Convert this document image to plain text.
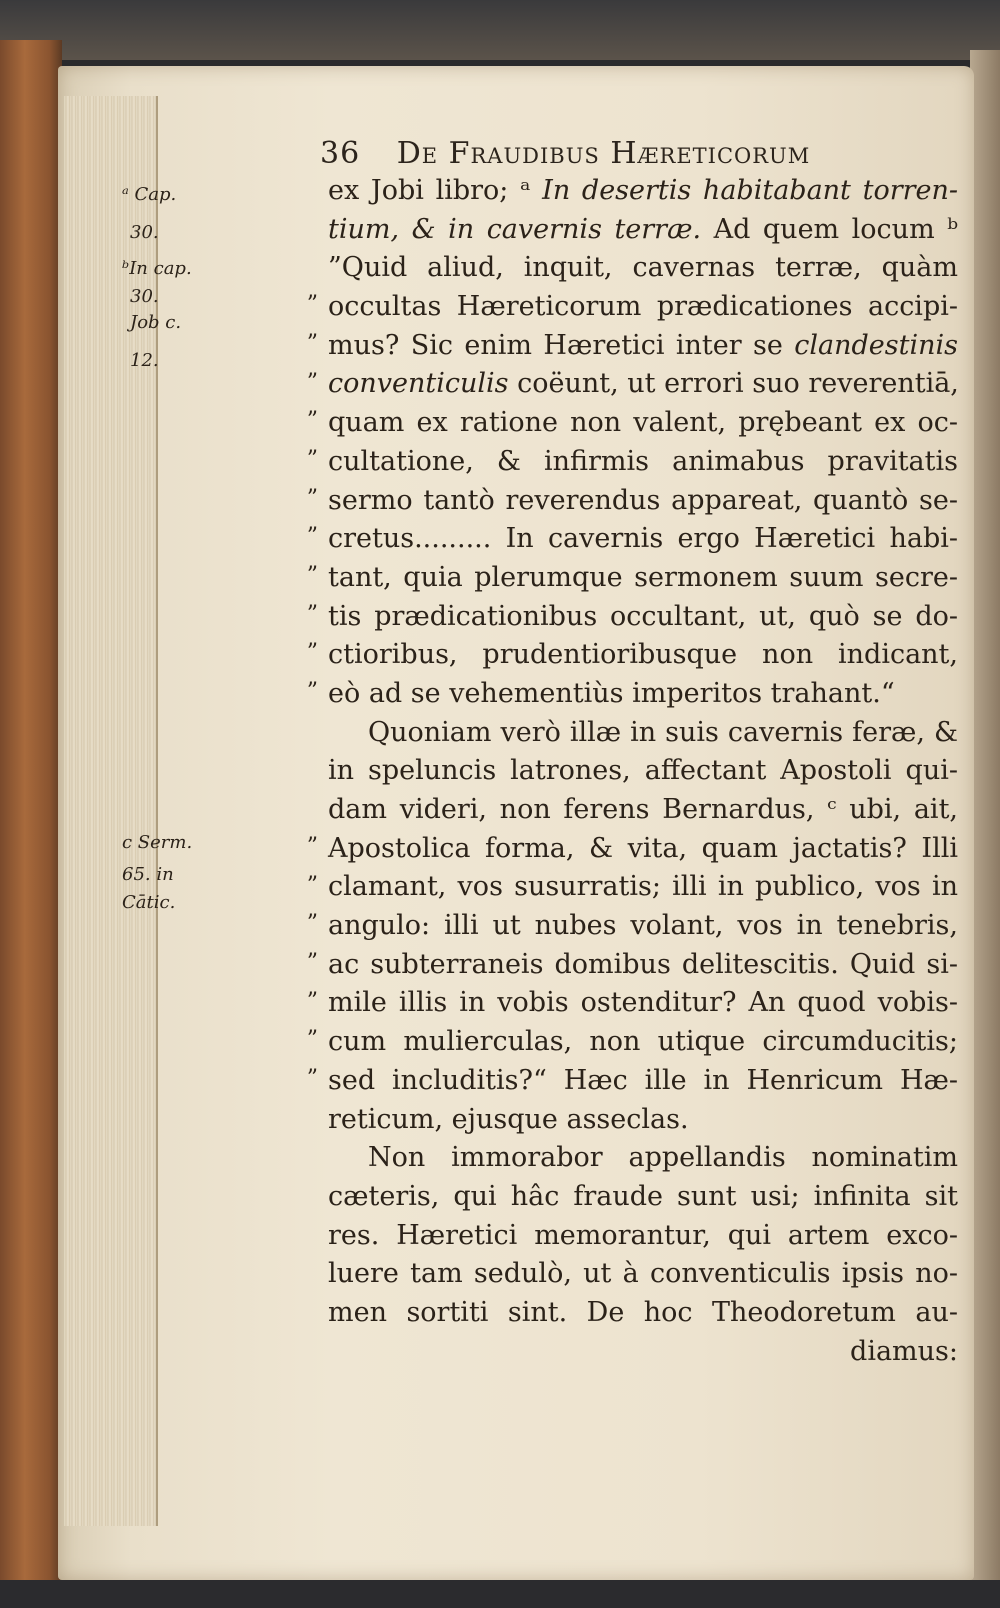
36 De Fraudibus Hæreticorum
ᵃ Cap.
30.
ᵇIn cap.
30.
Job c.
12.
c Serm.
65. in
Cātic.
ex Jobi libro; ᵃ In desertis habitabant torren-
tium, & in cavernis terræ. Ad quem locum ᵇ
”Quid aliud, inquit, cavernas terræ, quàm
occultas Hæreticorum prædicationes accipi-
mus? Sic enim Hæretici inter se clandestinis
conventiculis coëunt, ut errori suo reverentiā,
quam ex ratione non valent, prębeant ex oc-
cultatione, & infirmis animabus pravitatis
sermo tantò reverendus appareat, quantò se-
cretus......... In cavernis ergo Hæretici habi-
tant, quia plerumque sermonem suum secre-
tis prædicationibus occultant, ut, quò se do-
ctioribus, prudentioribusque non indicant,
eò ad se vehementiùs imperitos trahant.“
Quoniam verò illæ in suis cavernis feræ, &
in speluncis latrones, affectant Apostoli qui-
dam videri, non ferens Bernardus, ᶜ ubi, ait,
Apostolica forma, & vita, quam jactatis? Illi
clamant, vos susurratis; illi in publico, vos in
angulo: illi ut nubes volant, vos in tenebris,
ac subterraneis domibus delitescitis. Quid si-
mile illis in vobis ostenditur? An quod vobis-
cum mulierculas, non utique circumducitis;
sed includitis?“ Hæc ille in Henricum Hæ-
reticum, ejusque asseclas.
Non immorabor appellandis nominatim
cæteris, qui hâc fraude sunt usi; infinita sit
res. Hæretici memorantur, qui artem exco-
luere tam sedulò, ut à conventiculis ipsis no-
men sortiti sint. De hoc Theodoretum au-
diamus:
”
”
”
”
”
”
”
”
”
”
”
”
”
”
”
”
”
”
